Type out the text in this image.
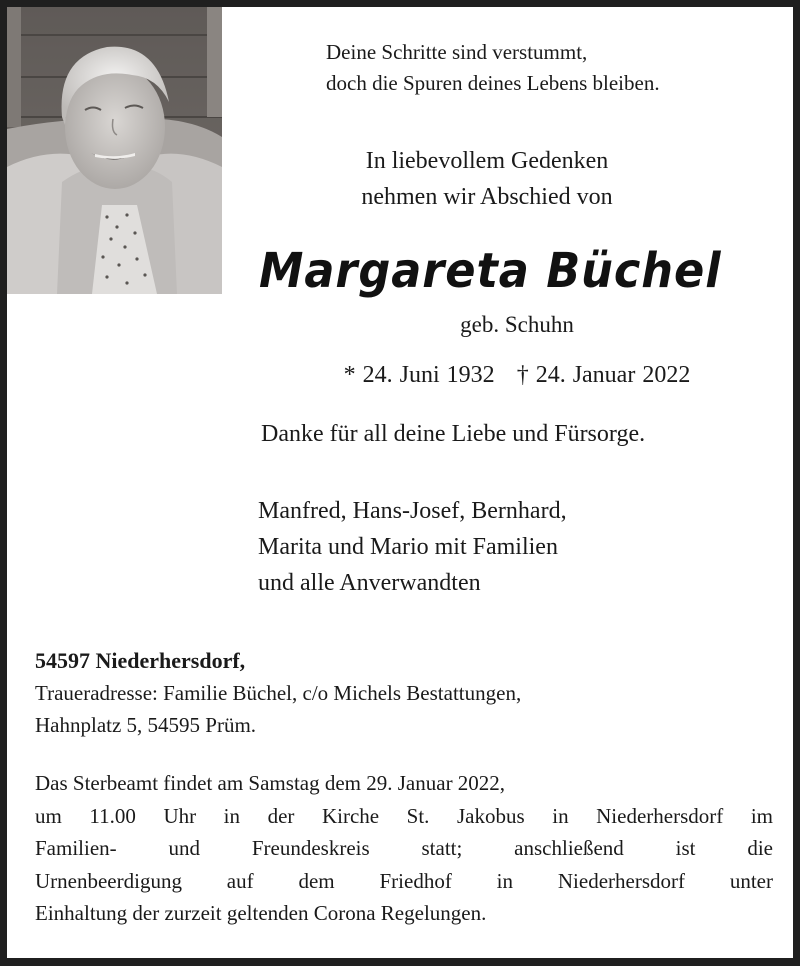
Deine Schritte sind verstummt,
doch die Spuren deines Lebens bleiben.
In liebevollem Gedenken
nehmen wir Abschied von
Margareta Büchel
geb. Schuhn
* 24. Juni 1932 † 24. Januar 2022
Danke für all deine Liebe und Fürsorge.
Manfred, Hans-Josef, Bernhard,
Marita und Mario mit Familien
und alle Anverwandten
54597 Niederhersdorf,
Traueradresse: Familie Büchel, c/o Michels Bestattungen,
Hahnplatz 5, 54595 Prüm.
Das Sterbeamt findet am Samstag dem 29. Januar 2022,
um 11.00 Uhr in der Kirche St. Jakobus in Niederhersdorf im
Familien- und Freundeskreis statt; anschließend ist die
Urnenbeerdigung auf dem Friedhof in Niederhersdorf unter
Einhaltung der zurzeit geltenden Corona Regelungen.
